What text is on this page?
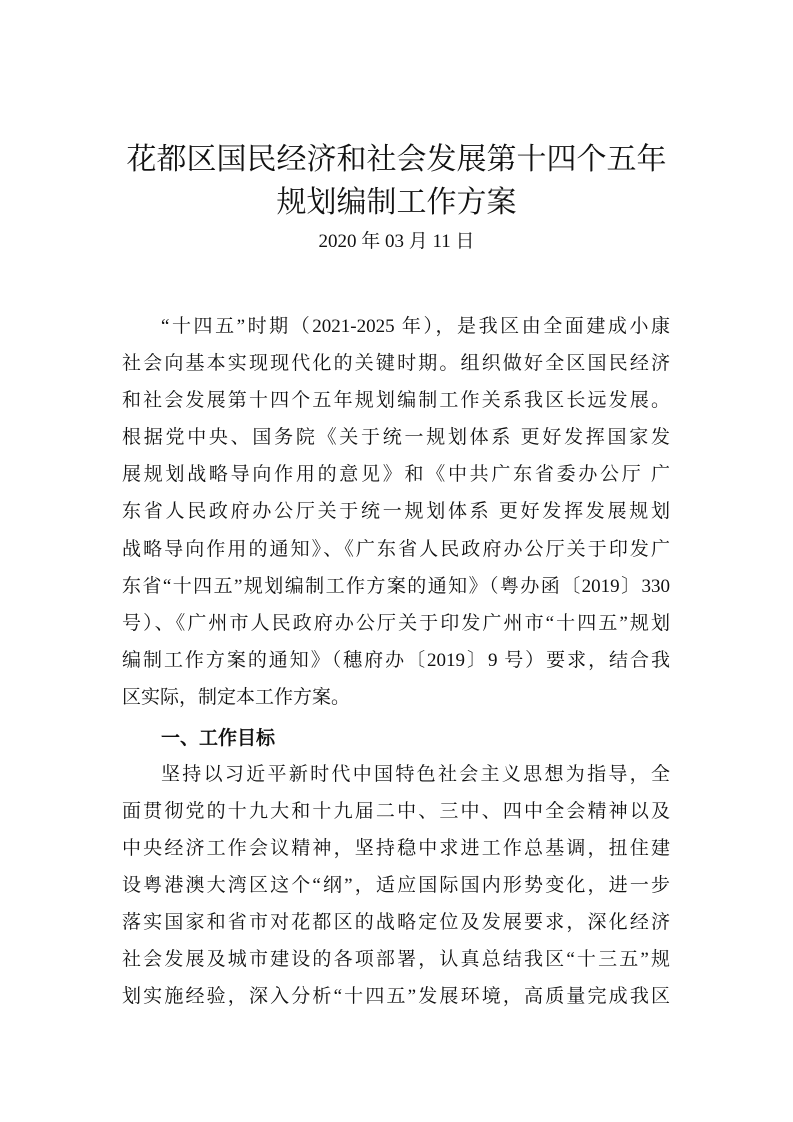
花都区国民经济和社会发展第十四个五年
规划编制工作方案
2020 年 03 月 11 日
“十四五”时期（2021-2025 年），是我区由全面建成小康
社会向基本实现现代化的关键时期。组织做好全区国民经济
和社会发展第十四个五年规划编制工作关系我区长远发展。
根据党中央、国务院《关于统一规划体系 更好发挥国家发
展规划战略导向作用的意见》和《中共广东省委办公厅 广
东省人民政府办公厅关于统一规划体系 更好发挥发展规划
战略导向作用的通知》、《广东省人民政府办公厅关于印发广
东省“十四五”规划编制工作方案的通知》（粤办函〔2019〕330
号）、《广州市人民政府办公厅关于印发广州市“十四五”规划
编制工作方案的通知》（穗府办〔2019〕9 号）要求，结合我
区实际，制定本工作方案。
一、工作目标
坚持以习近平新时代中国特色社会主义思想为指导，全
面贯彻党的十九大和十九届二中、三中、四中全会精神以及
中央经济工作会议精神，坚持稳中求进工作总基调，扭住建
设粤港澳大湾区这个“纲”，适应国际国内形势变化，进一步
落实国家和省市对花都区的战略定位及发展要求，深化经济
社会发展及城市建设的各项部署，认真总结我区“十三五”规
划实施经验，深入分析“十四五”发展环境，高质量完成我区
